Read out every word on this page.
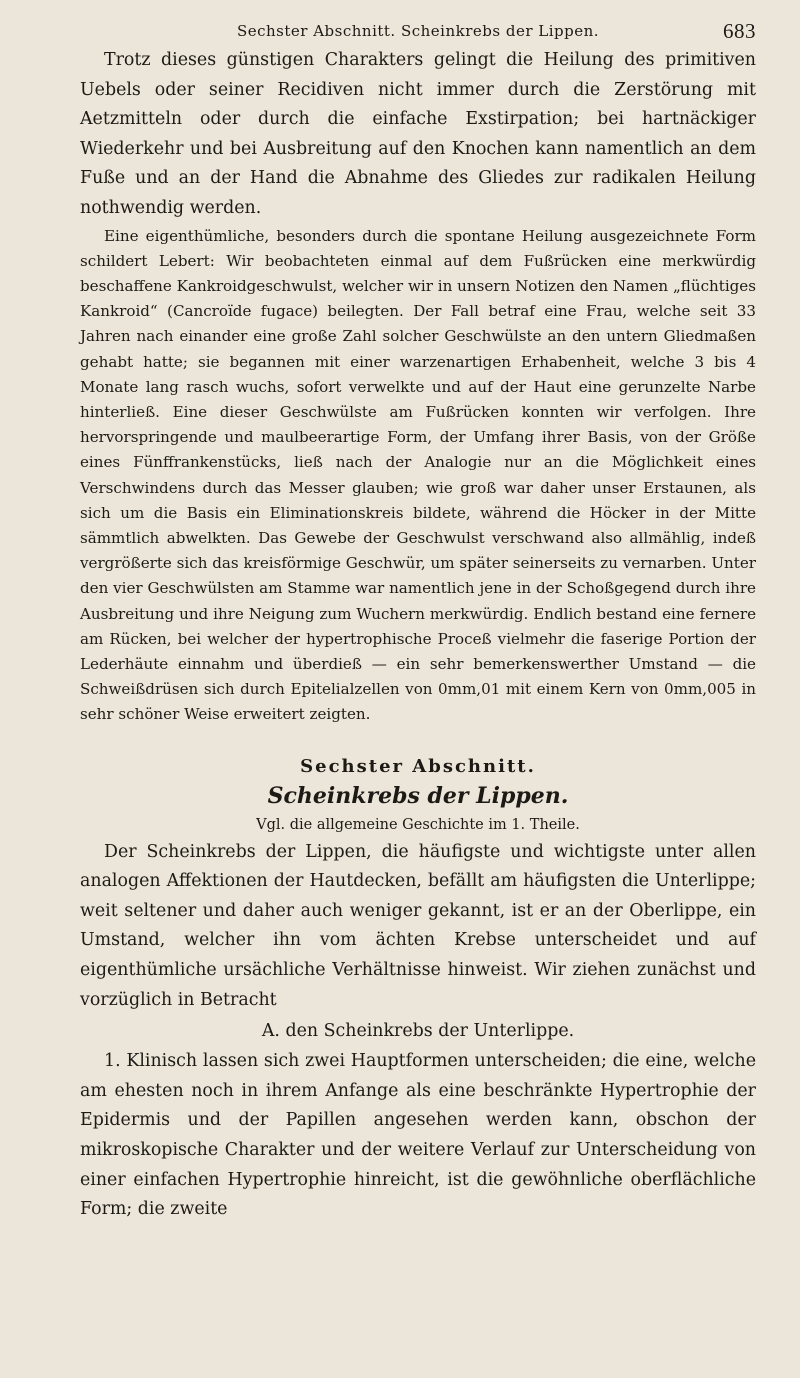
Sechster Abschnitt. Scheinkrebs der Lippen.	683

Trotz dieses günstigen Charakters gelingt die Heilung des primitiven Uebels oder seiner Recidiven nicht immer durch die Zerstörung mit Aetzmitteln oder durch die einfache Exstirpation; bei hartnäckiger Wiederkehr und bei Ausbreitung auf den Knochen kann namentlich an dem Fuße und an der Hand die Abnahme des Gliedes zur radikalen Heilung nothwendig werden.

Eine eigenthümliche, besonders durch die spontane Heilung ausgezeichnete Form schildert Lebert: Wir beobachteten einmal auf dem Fußrücken eine merkwürdig beschaffene Kankroidgeschwulst, welcher wir in unsern Notizen den Namen „flüchtiges Kankroid“ (Cancroïde fugace) beilegten. Der Fall betraf eine Frau, welche seit 33 Jahren nach einander eine große Zahl solcher Geschwülste an den untern Gliedmaßen gehabt hatte; sie begannen mit einer warzenartigen Erhabenheit, welche 3 bis 4 Monate lang rasch wuchs, sofort verwelkte und auf der Haut eine gerunzelte Narbe hinterließ. Eine dieser Geschwülste am Fußrücken konnten wir verfolgen. Ihre hervorspringende und maulbeerartige Form, der Umfang ihrer Basis, von der Größe eines Fünffrankenstücks, ließ nach der Analogie nur an die Möglichkeit eines Verschwindens durch das Messer glauben; wie groß war daher unser Erstaunen, als sich um die Basis ein Eliminationskreis bildete, während die Höcker in der Mitte sämmtlich abwelkten. Das Gewebe der Geschwulst verschwand also allmählig, indeß vergrößerte sich das kreisförmige Geschwür, um später seinerseits zu vernarben. Unter den vier Geschwülsten am Stamme war namentlich jene in der Schoßgegend durch ihre Ausbreitung und ihre Neigung zum Wuchern merkwürdig. Endlich bestand eine fernere am Rücken, bei welcher der hypertrophische Proceß vielmehr die faserige Portion der Lederhäute einnahm und überdieß — ein sehr bemerkenswerther Umstand — die Schweißdrüsen sich durch Epitelialzellen von 0mm,01 mit einem Kern von 0mm,005 in sehr schöner Weise erweitert zeigten.

Sechster Abschnitt.

Scheinkrebs der Lippen.

Vgl. die allgemeine Geschichte im 1. Theile.

Der Scheinkrebs der Lippen, die häufigste und wichtigste unter allen analogen Affektionen der Hautdecken, befällt am häufigsten die Unterlippe; weit seltener und daher auch weniger gekannt, ist er an der Oberlippe, ein Umstand, welcher ihn vom ächten Krebse unterscheidet und auf eigenthümliche ursächliche Verhältnisse hinweist. Wir ziehen zunächst und vorzüglich in Betracht

A. den Scheinkrebs der Unterlippe.

1. Klinisch lassen sich zwei Hauptformen unterscheiden; die eine, welche am ehesten noch in ihrem Anfange als eine beschränkte Hypertrophie der Epidermis und der Papillen angesehen werden kann, obschon der mikroskopische Charakter und der weitere Verlauf zur Unterscheidung von einer einfachen Hypertrophie hinreicht, ist die gewöhnliche oberflächliche Form; die zweite
